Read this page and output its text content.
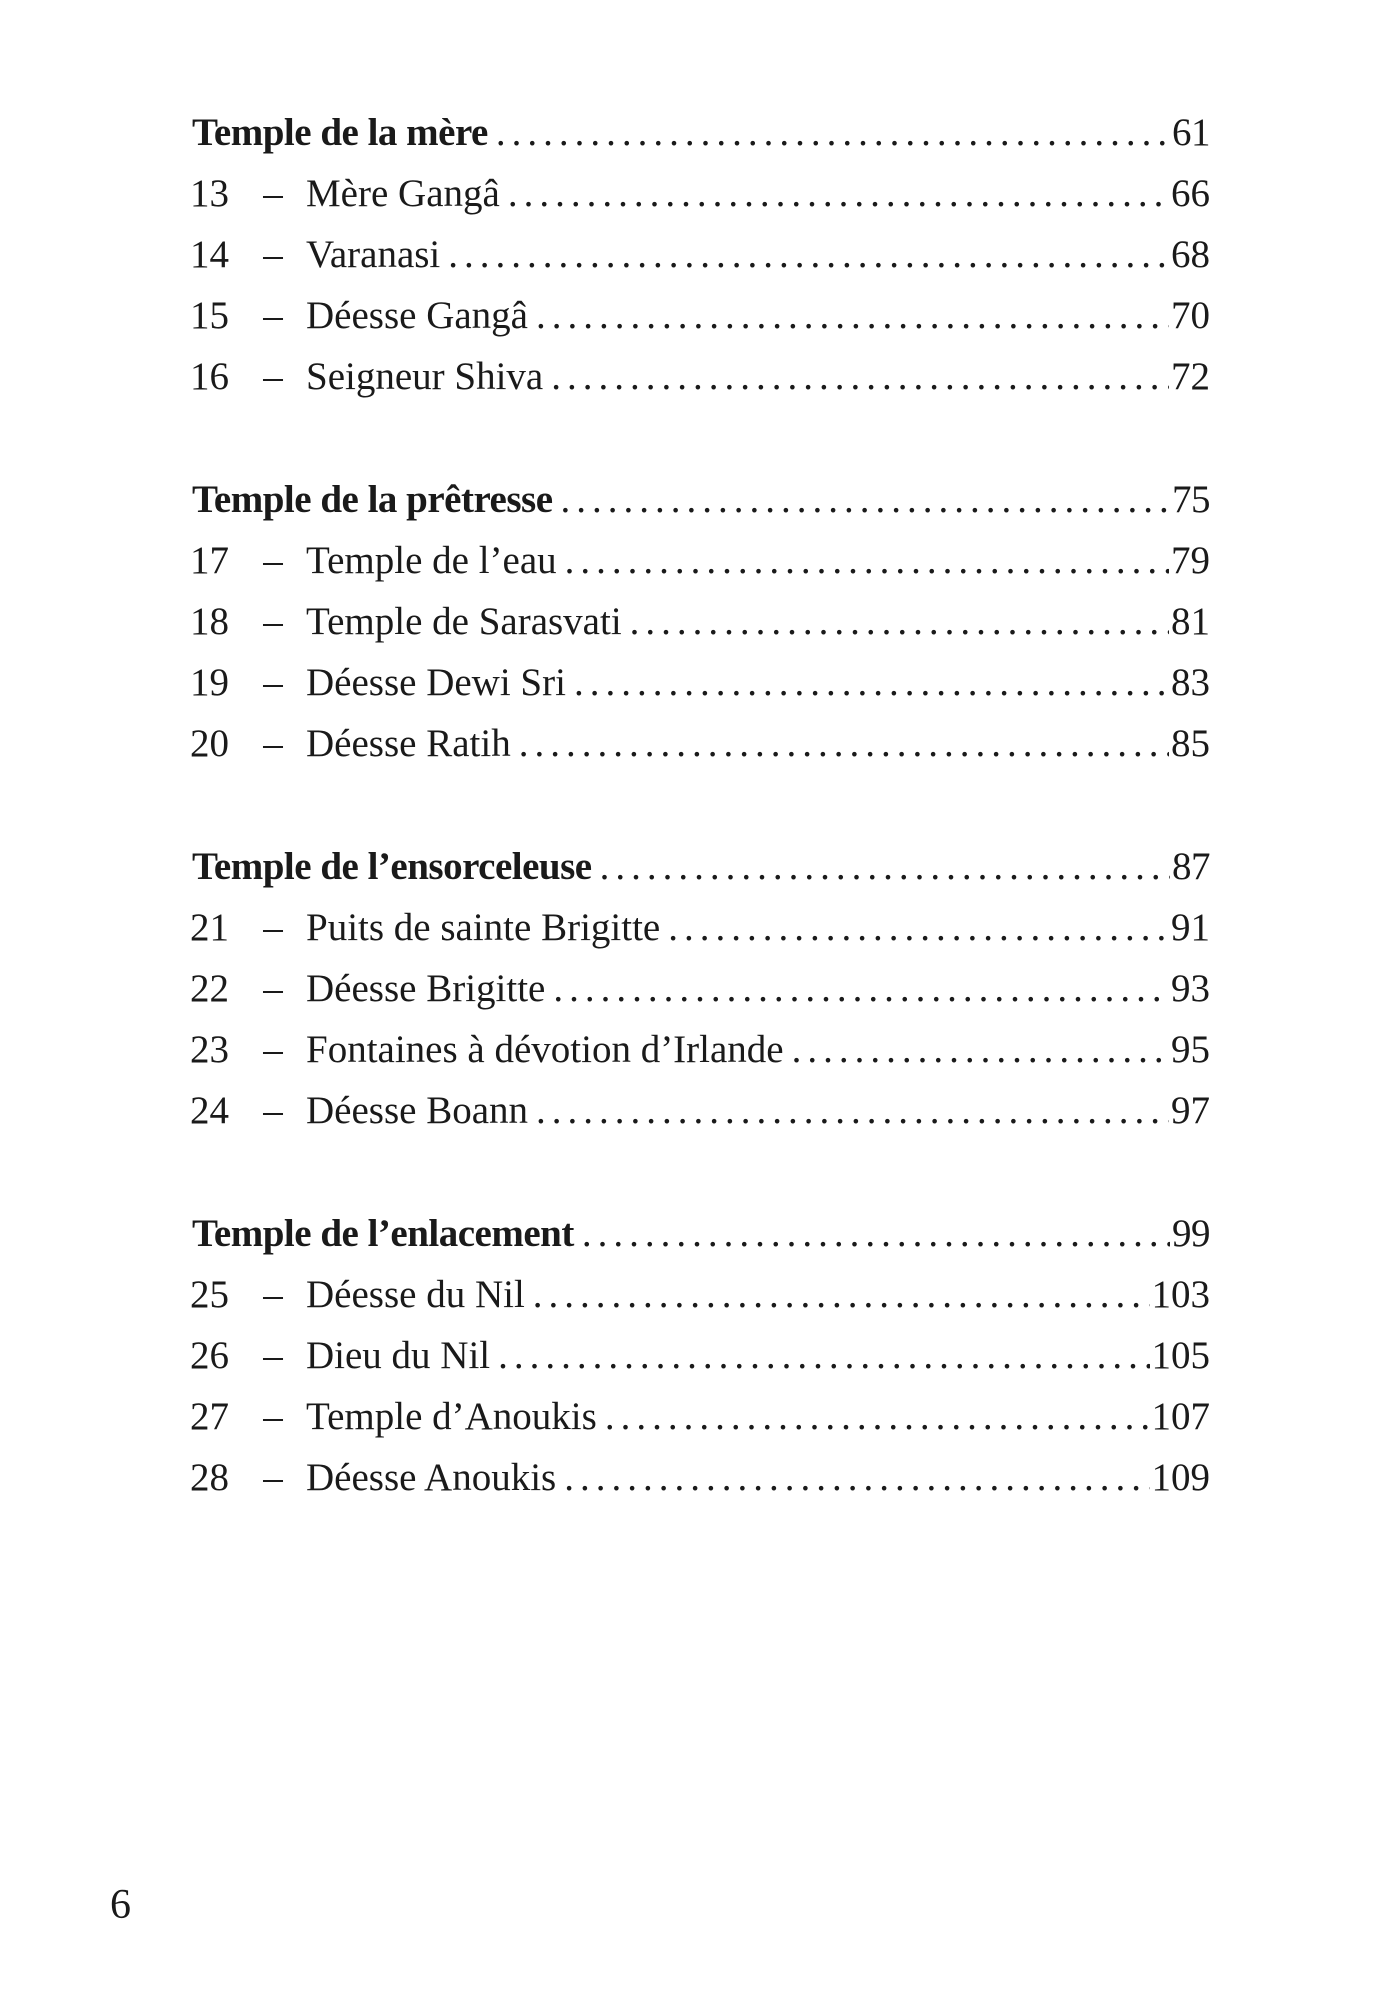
Temple de la mère .....	61
13 – Mère Gangâ .....	66
14 – Varanasi .....	68
15 – Déesse Gangâ .....	70
16 – Seigneur Shiva .....	72
Temple de la prêtresse .....	75
17 – Temple de l’eau .....	79
18 – Temple de Sarasvati .....	81
19 – Déesse Dewi Sri .....	83
20 – Déesse Ratih .....	85
Temple de l’ensorceleuse .....	87
21 – Puits de sainte Brigitte .....	91
22 – Déesse Brigitte .....	93
23 – Fontaines à dévotion d’Irlande .....	95
24 – Déesse Boann .....	97
Temple de l’enlacement .....	99
25 – Déesse du Nil .....	103
26 – Dieu du Nil .....	105
27 – Temple d’Anoukis .....	107
28 – Déesse Anoukis .....	109
6
